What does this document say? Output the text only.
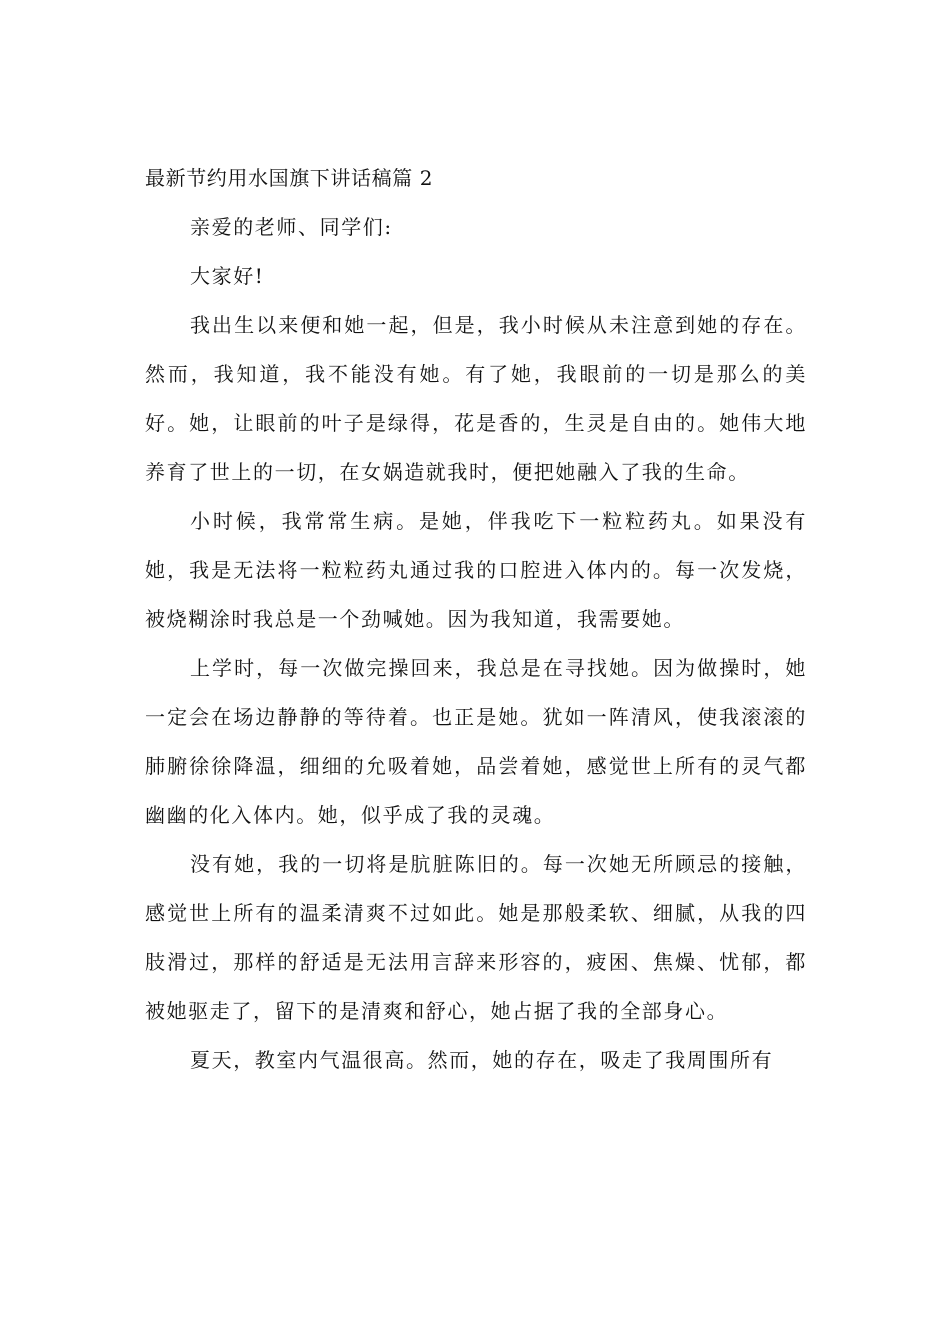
最新节约用水国旗下讲话稿篇 2

亲爱的老师、同学们:

大家好!

我出生以来便和她一起，但是，我小时候从未注意到她的存在。然而，我知道，我不能没有她。有了她，我眼前的一切是那么的美好。她，让眼前的叶子是绿得，花是香的，生灵是自由的。她伟大地养育了世上的一切，在女娲造就我时，便把她融入了我的生命。

小时候，我常常生病。是她，伴我吃下一粒粒药丸。如果没有她，我是无法将一粒粒药丸通过我的口腔进入体内的。每一次发烧，被烧糊涂时我总是一个劲喊她。因为我知道，我需要她。

上学时，每一次做完操回来，我总是在寻找她。因为做操时，她一定会在场边静静的等待着。也正是她。犹如一阵清风，使我滚滚的肺腑徐徐降温，细细的允吸着她，品尝着她，感觉世上所有的灵气都幽幽的化入体内。她，似乎成了我的灵魂。

没有她，我的一切将是肮脏陈旧的。每一次她无所顾忌的接触，感觉世上所有的温柔清爽不过如此。她是那般柔软、细腻，从我的四肢滑过，那样的舒适是无法用言辞来形容的，疲困、焦燥、忧郁，都被她驱走了，留下的是清爽和舒心，她占据了我的全部身心。

夏天，教室内气温很高。然而，她的存在，吸走了我周围所有
